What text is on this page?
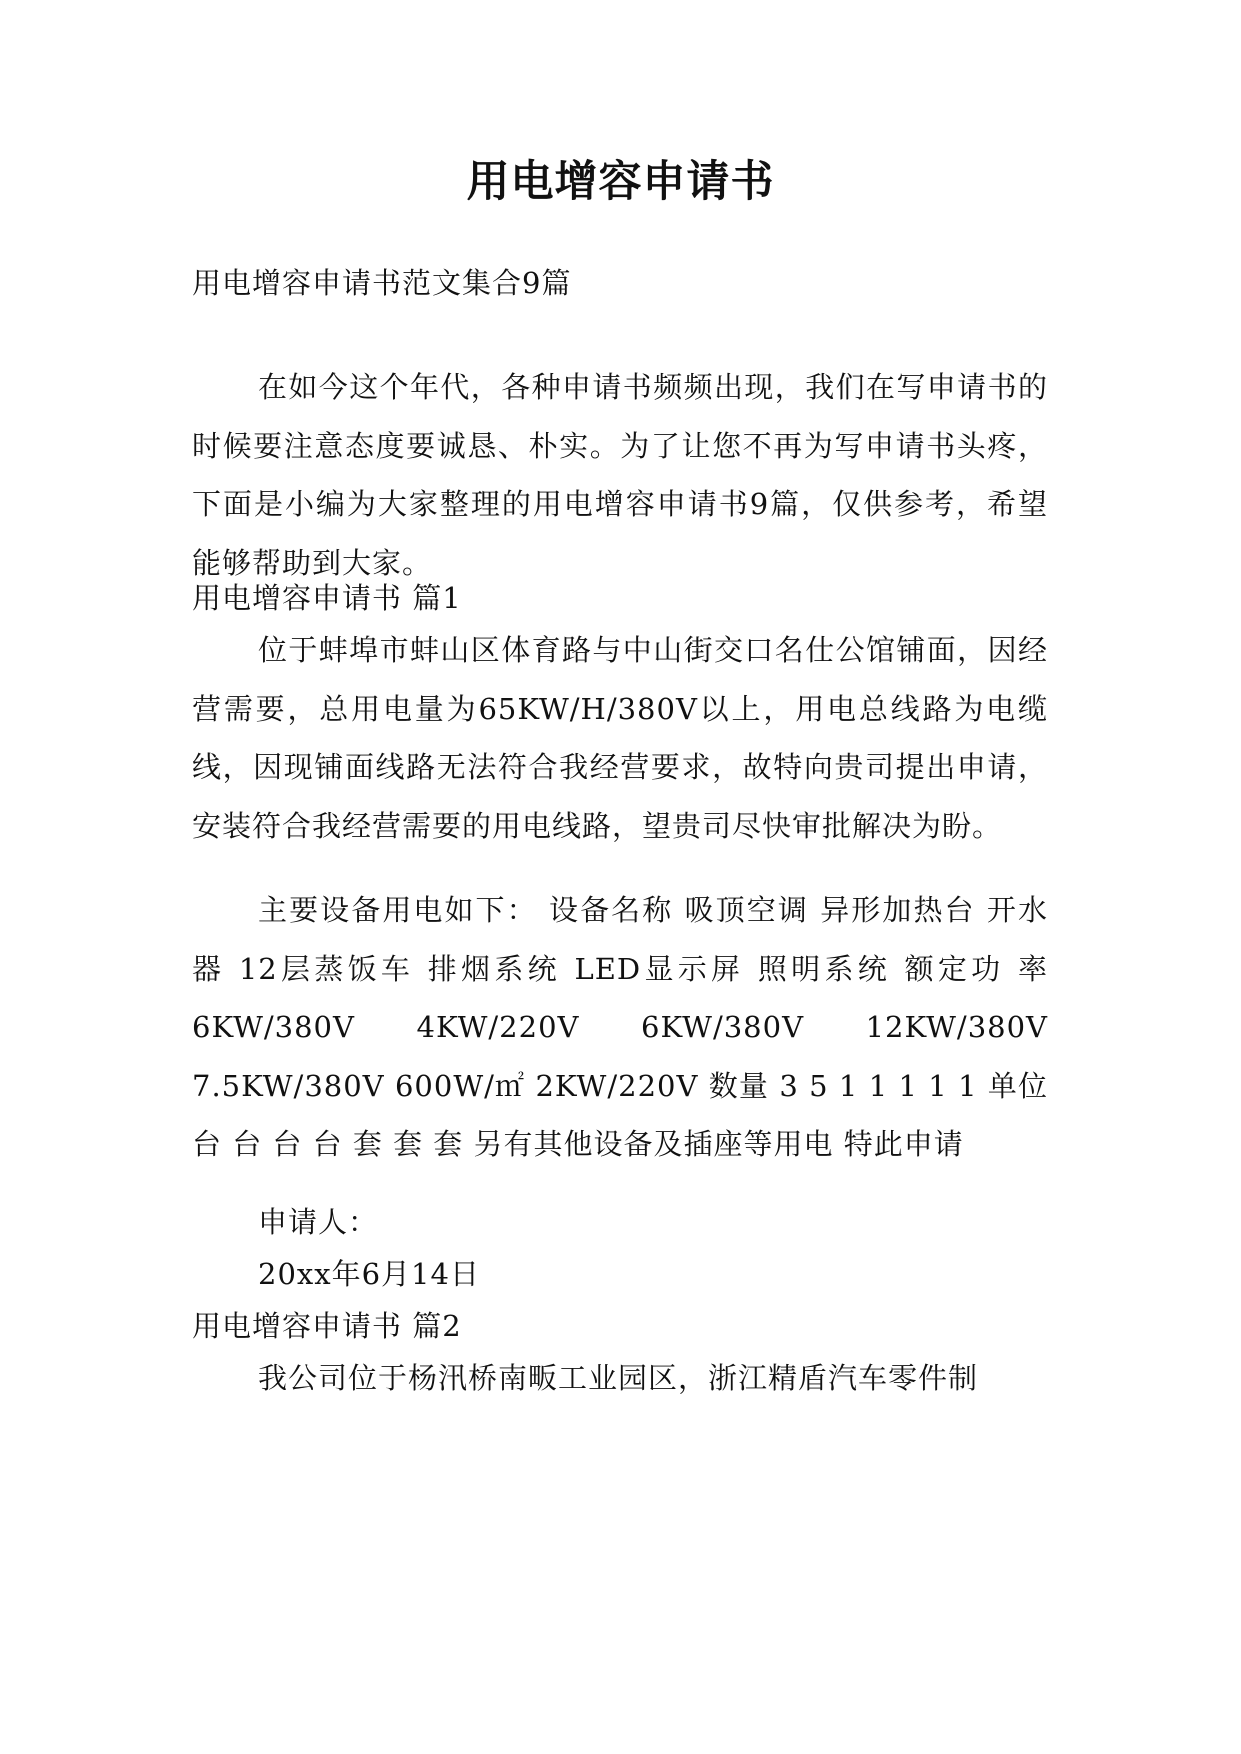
用电增容申请书
用电增容申请书范文集合9篇
在如今这个年代，各种申请书频频出现，我们在写申请书的时候要注意态度要诚恳、朴实。为了让您不再为写申请书头疼，下面是小编为大家整理的用电增容申请书9篇，仅供参考，希望能够帮助到大家。
用电增容申请书 篇1
位于蚌埠市蚌山区体育路与中山街交口名仕公馆铺面，因经营需要，总用电量为65KW/H/380V以上，用电总线路为电缆线，因现铺面线路无法符合我经营要求，故特向贵司提出申请，安装符合我经营需要的用电线路，望贵司尽快审批解决为盼。
主要设备用电如下： 设备名称 吸顶空调 异形加热台 开水器 12层蒸饭车 排烟系统 LED显示屏 照明系统 额定功 率 6KW/380V 4KW/220V 6KW/380V 12KW/380V 7.5KW/380V 600W/㎡ 2KW/220V 数量 3 5 1 1 1 1 1 单位 台 台 台 台 套 套 套 另有其他设备及插座等用电 特此申请
申请人：
20xx年6月14日
用电增容申请书 篇2
我公司位于杨汛桥南畈工业园区，浙江精盾汽车零件制
